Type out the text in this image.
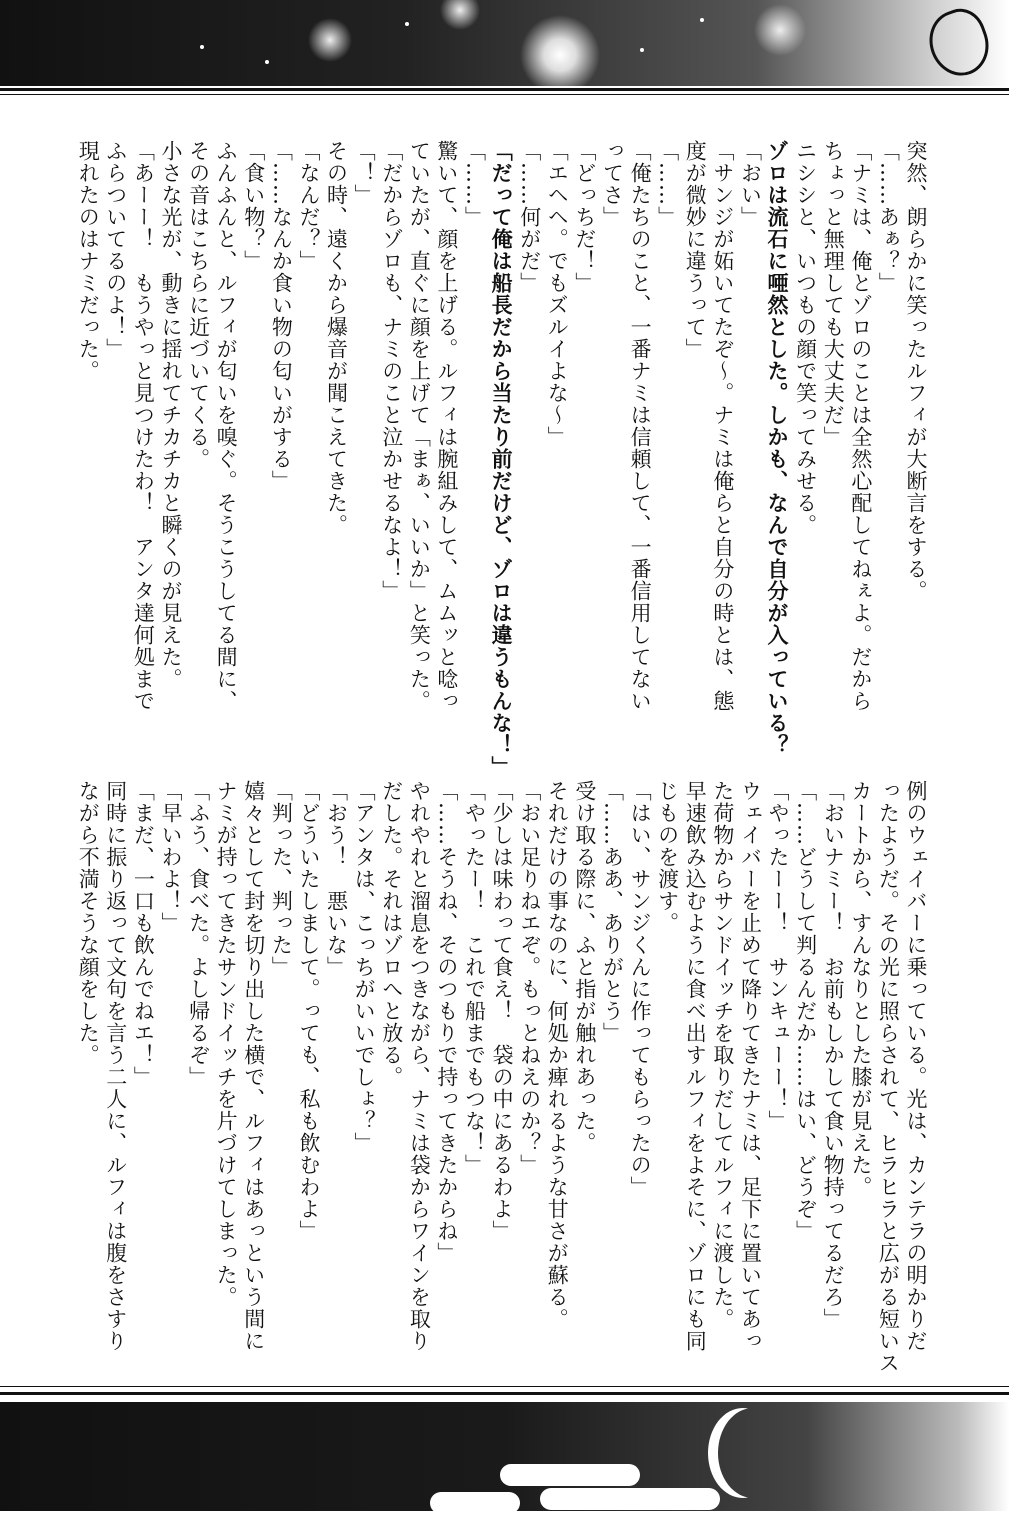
突然、朗らかに笑ったルフィが大断言をする。
「……あぁ？」
「ナミは、俺とゾロのことは全然心配してねぇよ。だから
ちょっと無理しても大丈夫だ」
ニシシと、いつもの顔で笑ってみせる。
ゾロは流石に唖然とした。しかも、なんで自分が入っている？
「おい」
「サンジが妬いてたぞ～。ナミは俺らと自分の時とは、態
度が微妙に違うって」
「……」
「俺たちのこと、一番ナミは信頼して、一番信用してない
ってさ」
「どっちだ！」
「エヘヘ。でもズルイよな～」
「……何がだ」
「だって俺は船長だから当たり前だけど、ゾロは違うもんな！」
「……」
驚いて、顔を上げる。ルフィは腕組みして、ムムッと唸っ
ていたが、直ぐに顔を上げて「まぁ、いいか」と笑った。
「だからゾロも、ナミのこと泣かせるなよ！」
「！」
その時、遠くから爆音が聞こえてきた。
「なんだ？」
「……なんか食い物の匂いがする」
「食い物？」
ふんふんと、ルフィが匂いを嗅ぐ。そうこうしてる間に、
その音はこちらに近づいてくる。
小さな光が、動きに揺れてチカチカと瞬くのが見えた。
「あーー！　もうやっと見つけたわ！　アンタ達何処まで
ふらついてるのよ！」
現れたのはナミだった。
例のウェイバーに乗っている。光は、カンテラの明かりだ
ったようだ。その光に照らされて、ヒラヒラと広がる短いス
カートから、すんなりとした膝が見えた。
「おいナミー！　お前もしかして食い物持ってるだろ」
「……どうして判るんだか……はい、どうぞ」
「やったーー！　サンキューー！」
ウェイバーを止めて降りてきたナミは、足下に置いてあっ
た荷物からサンドイッチを取りだしてルフィに渡した。
早速飲み込むように食べ出すルフィをよそに、ゾロにも同
じものを渡す。
「はい、サンジくんに作ってもらったの」
「……ああ、ありがとう」
受け取る際に、ふと指が触れあった。
それだけの事なのに、何処か痺れるような甘さが蘇る。
「おい足りねエぞ。もっとねえのか？」
「少しは味わって食え！　袋の中にあるわよ」
「やったー！　これで船までもつな！」
「……そうね、そのつもりで持ってきたからね」
やれやれと溜息をつきながら、ナミは袋からワインを取り
だした。それはゾロへと放る。
「アンタは、こっちがいいでしょ？」
「おう！　悪いな」
「どういたしまして。っても、私も飲むわよ」
「判った、判った」
嬉々として封を切り出した横で、ルフィはあっという間に
ナミが持ってきたサンドイッチを片づけてしまった。
「ふう、食べた。よし帰るぞ」
「早いわよ！」
「まだ、一口も飲んでねエ！」
同時に振り返って文句を言う二人に、ルフィは腹をさすり
ながら不満そうな顔をした。
